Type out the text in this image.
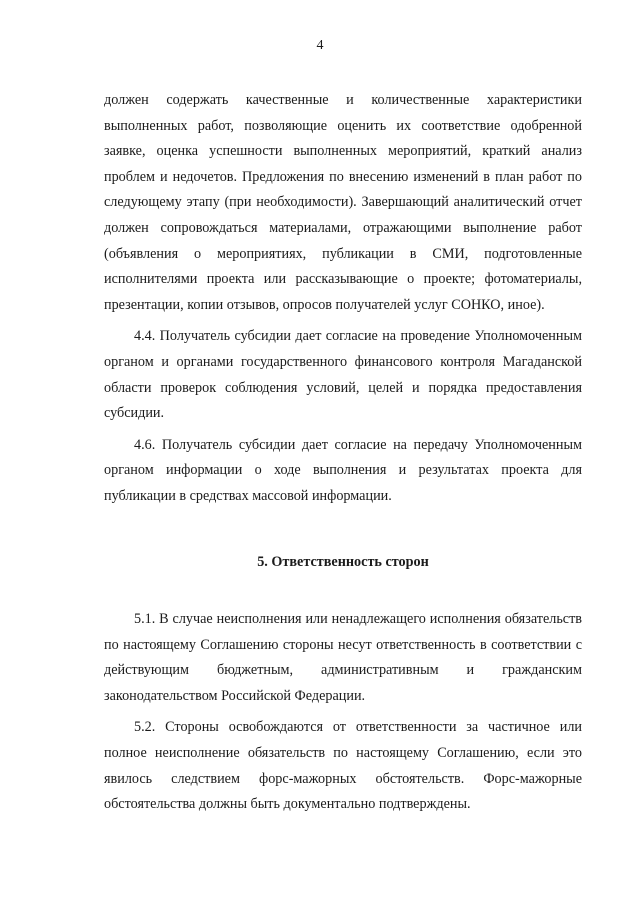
4

должен содержать качественные и количественные характеристики выполненных работ, позволяющие оценить их соответствие одобренной заявке, оценка успешности выполненных мероприятий, краткий анализ проблем и недочетов. Предложения по внесению изменений в план работ по следующему этапу (при необходимости). Завершающий аналитический отчет должен сопровождаться материалами, отражающими выполнение работ (объявления о мероприятиях, публикации в СМИ, подготовленные исполнителями проекта или рассказывающие о проекте; фотоматериалы, презентации, копии отзывов, опросов получателей услуг СОНКО, иное).

4.4. Получатель субсидии дает согласие на проведение Уполномоченным органом и органами государственного финансового контроля Магаданской области проверок соблюдения условий, целей и порядка предоставления субсидии.

4.6. Получатель субсидии дает согласие на передачу Уполномоченным органом информации о ходе выполнения и результатах проекта для публикации в средствах массовой информации.

5. Ответственность сторон

5.1. В случае неисполнения или ненадлежащего исполнения обязательств по настоящему Соглашению стороны несут ответственность в соответствии с действующим бюджетным, административным и гражданским законодательством Российской Федерации.

5.2. Стороны освобождаются от ответственности за частичное или полное неисполнение обязательств по настоящему Соглашению, если это явилось следствием форс-мажорных обстоятельств. Форс-мажорные обстоятельства должны быть документально подтверждены.
